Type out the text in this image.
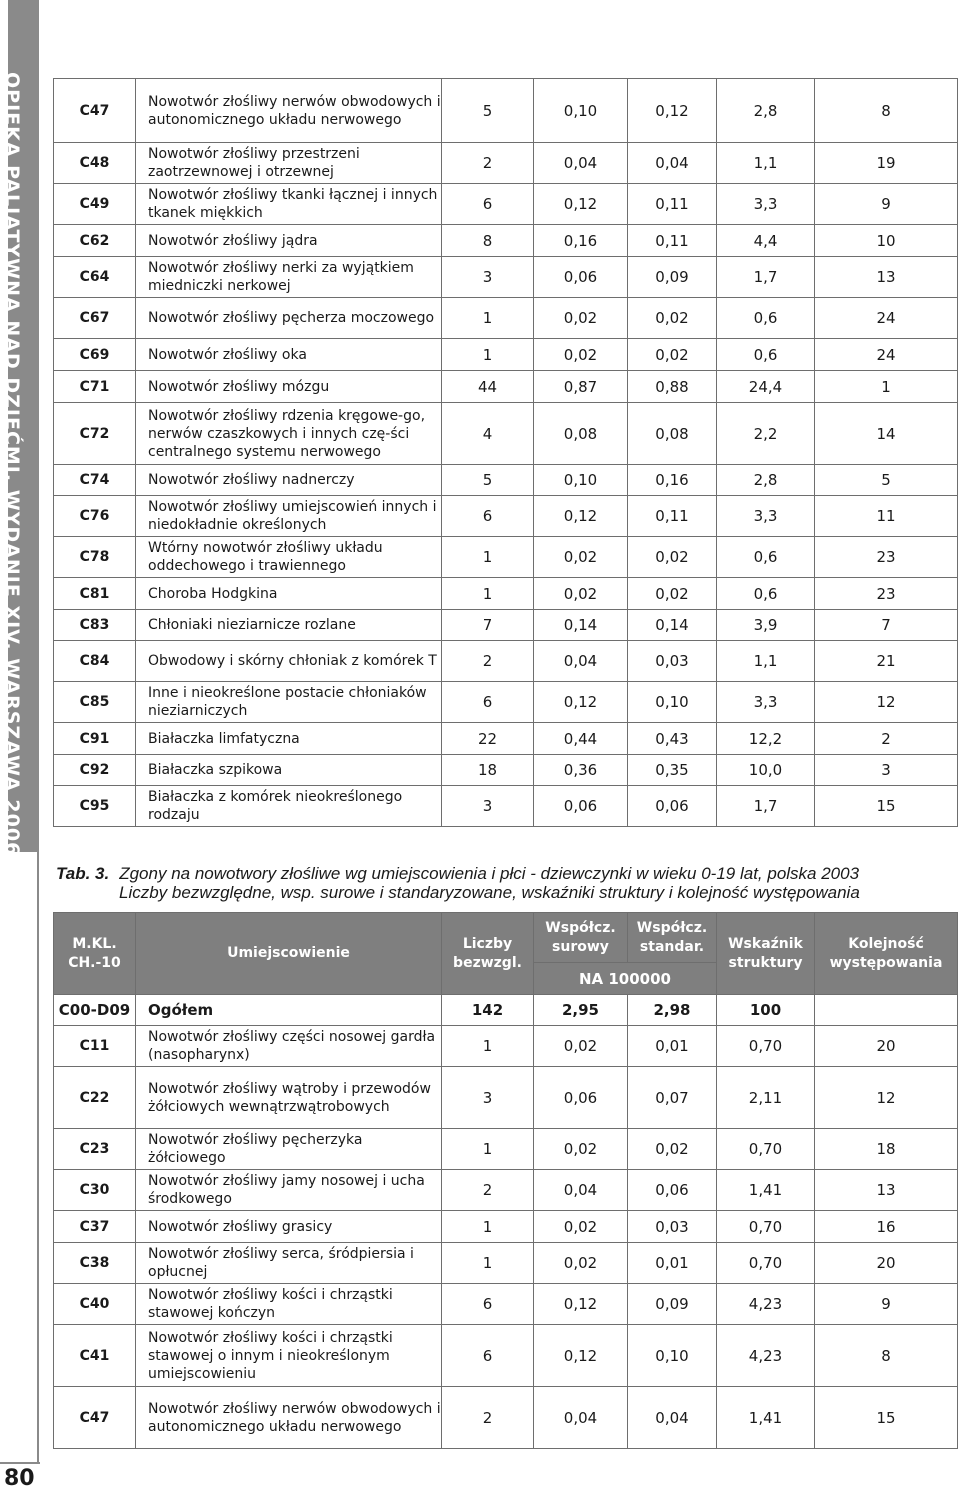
OPIEKA PALIATYWNA NAD DZIEĆMI. WYDANIE XIV, WARSZAWA 2006
80
C47	Nowotwór złośliwy nerwów obwodowych i autonomicznego układu nerwowego	5	0,10	0,12	2,8	8
C48	Nowotwór złośliwy przestrzeni zaotrzewnowej i otrzewnej	2	0,04	0,04	1,1	19
C49	Nowotwór złośliwy tkanki łącznej i innych tkanek miękkich	6	0,12	0,11	3,3	9
C62	Nowotwór złośliwy jądra	8	0,16	0,11	4,4	10
C64	Nowotwór złośliwy nerki za wyjątkiem miedniczki nerkowej	3	0,06	0,09	1,7	13
C67	Nowotwór złośliwy pęcherza moczowego	1	0,02	0,02	0,6	24
C69	Nowotwór złośliwy oka	1	0,02	0,02	0,6	24
C71	Nowotwór złośliwy mózgu	44	0,87	0,88	24,4	1
C72	Nowotwór złośliwy rdzenia kręgowe-go, nerwów czaszkowych i innych czę-ści centralnego systemu nerwowego	4	0,08	0,08	2,2	14
C74	Nowotwór złośliwy nadnerczy	5	0,10	0,16	2,8	5
C76	Nowotwór złośliwy umiejscowień innych i niedokładnie określonych	6	0,12	0,11	3,3	11
C78	Wtórny nowotwór złośliwy układu oddechowego i trawiennego	1	0,02	0,02	0,6	23
C81	Choroba Hodgkina	1	0,02	0,02	0,6	23
C83	Chłoniaki nieziarnicze rozlane	7	0,14	0,14	3,9	7
C84	Obwodowy i skórny chłoniak z komórek T	2	0,04	0,03	1,1	21
C85	Inne i nieokreślone postacie chłoniaków nieziarniczych	6	0,12	0,10	3,3	12
C91	Białaczka limfatyczna	22	0,44	0,43	12,2	2
C92	Białaczka szpikowa	18	0,36	0,35	10,0	3
C95	Białaczka z komórek nieokreślonego rodzaju	3	0,06	0,06	1,7	15
Tab. 3. Zgony na nowotwory złośliwe wg umiejscowienia i płci - dziewczynki w wieku 0-19 lat, polska 2003
Liczby bezwzględne, wsp. surowe i standaryzowane, wskaźniki struktury i kolejność występowania
M.KL. CH.-10	Umiejscowienie	Liczby bezwzgl.	Współcz. surowy	Współcz. standar.	Wskaźnik struktury	Kolejność występowania
			NA 100000			
C00-D09	Ogółem	142	2,95	2,98	100	
C11	Nowotwór złośliwy części nosowej gardła (nasopharynx)	1	0,02	0,01	0,70	20
C22	Nowotwór złośliwy wątroby i przewodów żółciowych wewnątrzwątrobowych	3	0,06	0,07	2,11	12
C23	Nowotwór złośliwy pęcherzyka żółciowego	1	0,02	0,02	0,70	18
C30	Nowotwór złośliwy jamy nosowej i ucha środkowego	2	0,04	0,06	1,41	13
C37	Nowotwór złośliwy grasicy	1	0,02	0,03	0,70	16
C38	Nowotwór złośliwy serca, śródpiersia i opłucnej	1	0,02	0,01	0,70	20
C40	Nowotwór złośliwy kości i chrząstki stawowej kończyn	6	0,12	0,09	4,23	9
C41	Nowotwór złośliwy kości i chrząstki stawowej o innym i nieokreślonym umiejscowieniu	6	0,12	0,10	4,23	8
C47	Nowotwór złośliwy nerwów obwodowych i autonomicznego układu nerwowego	2	0,04	0,04	1,41	15
